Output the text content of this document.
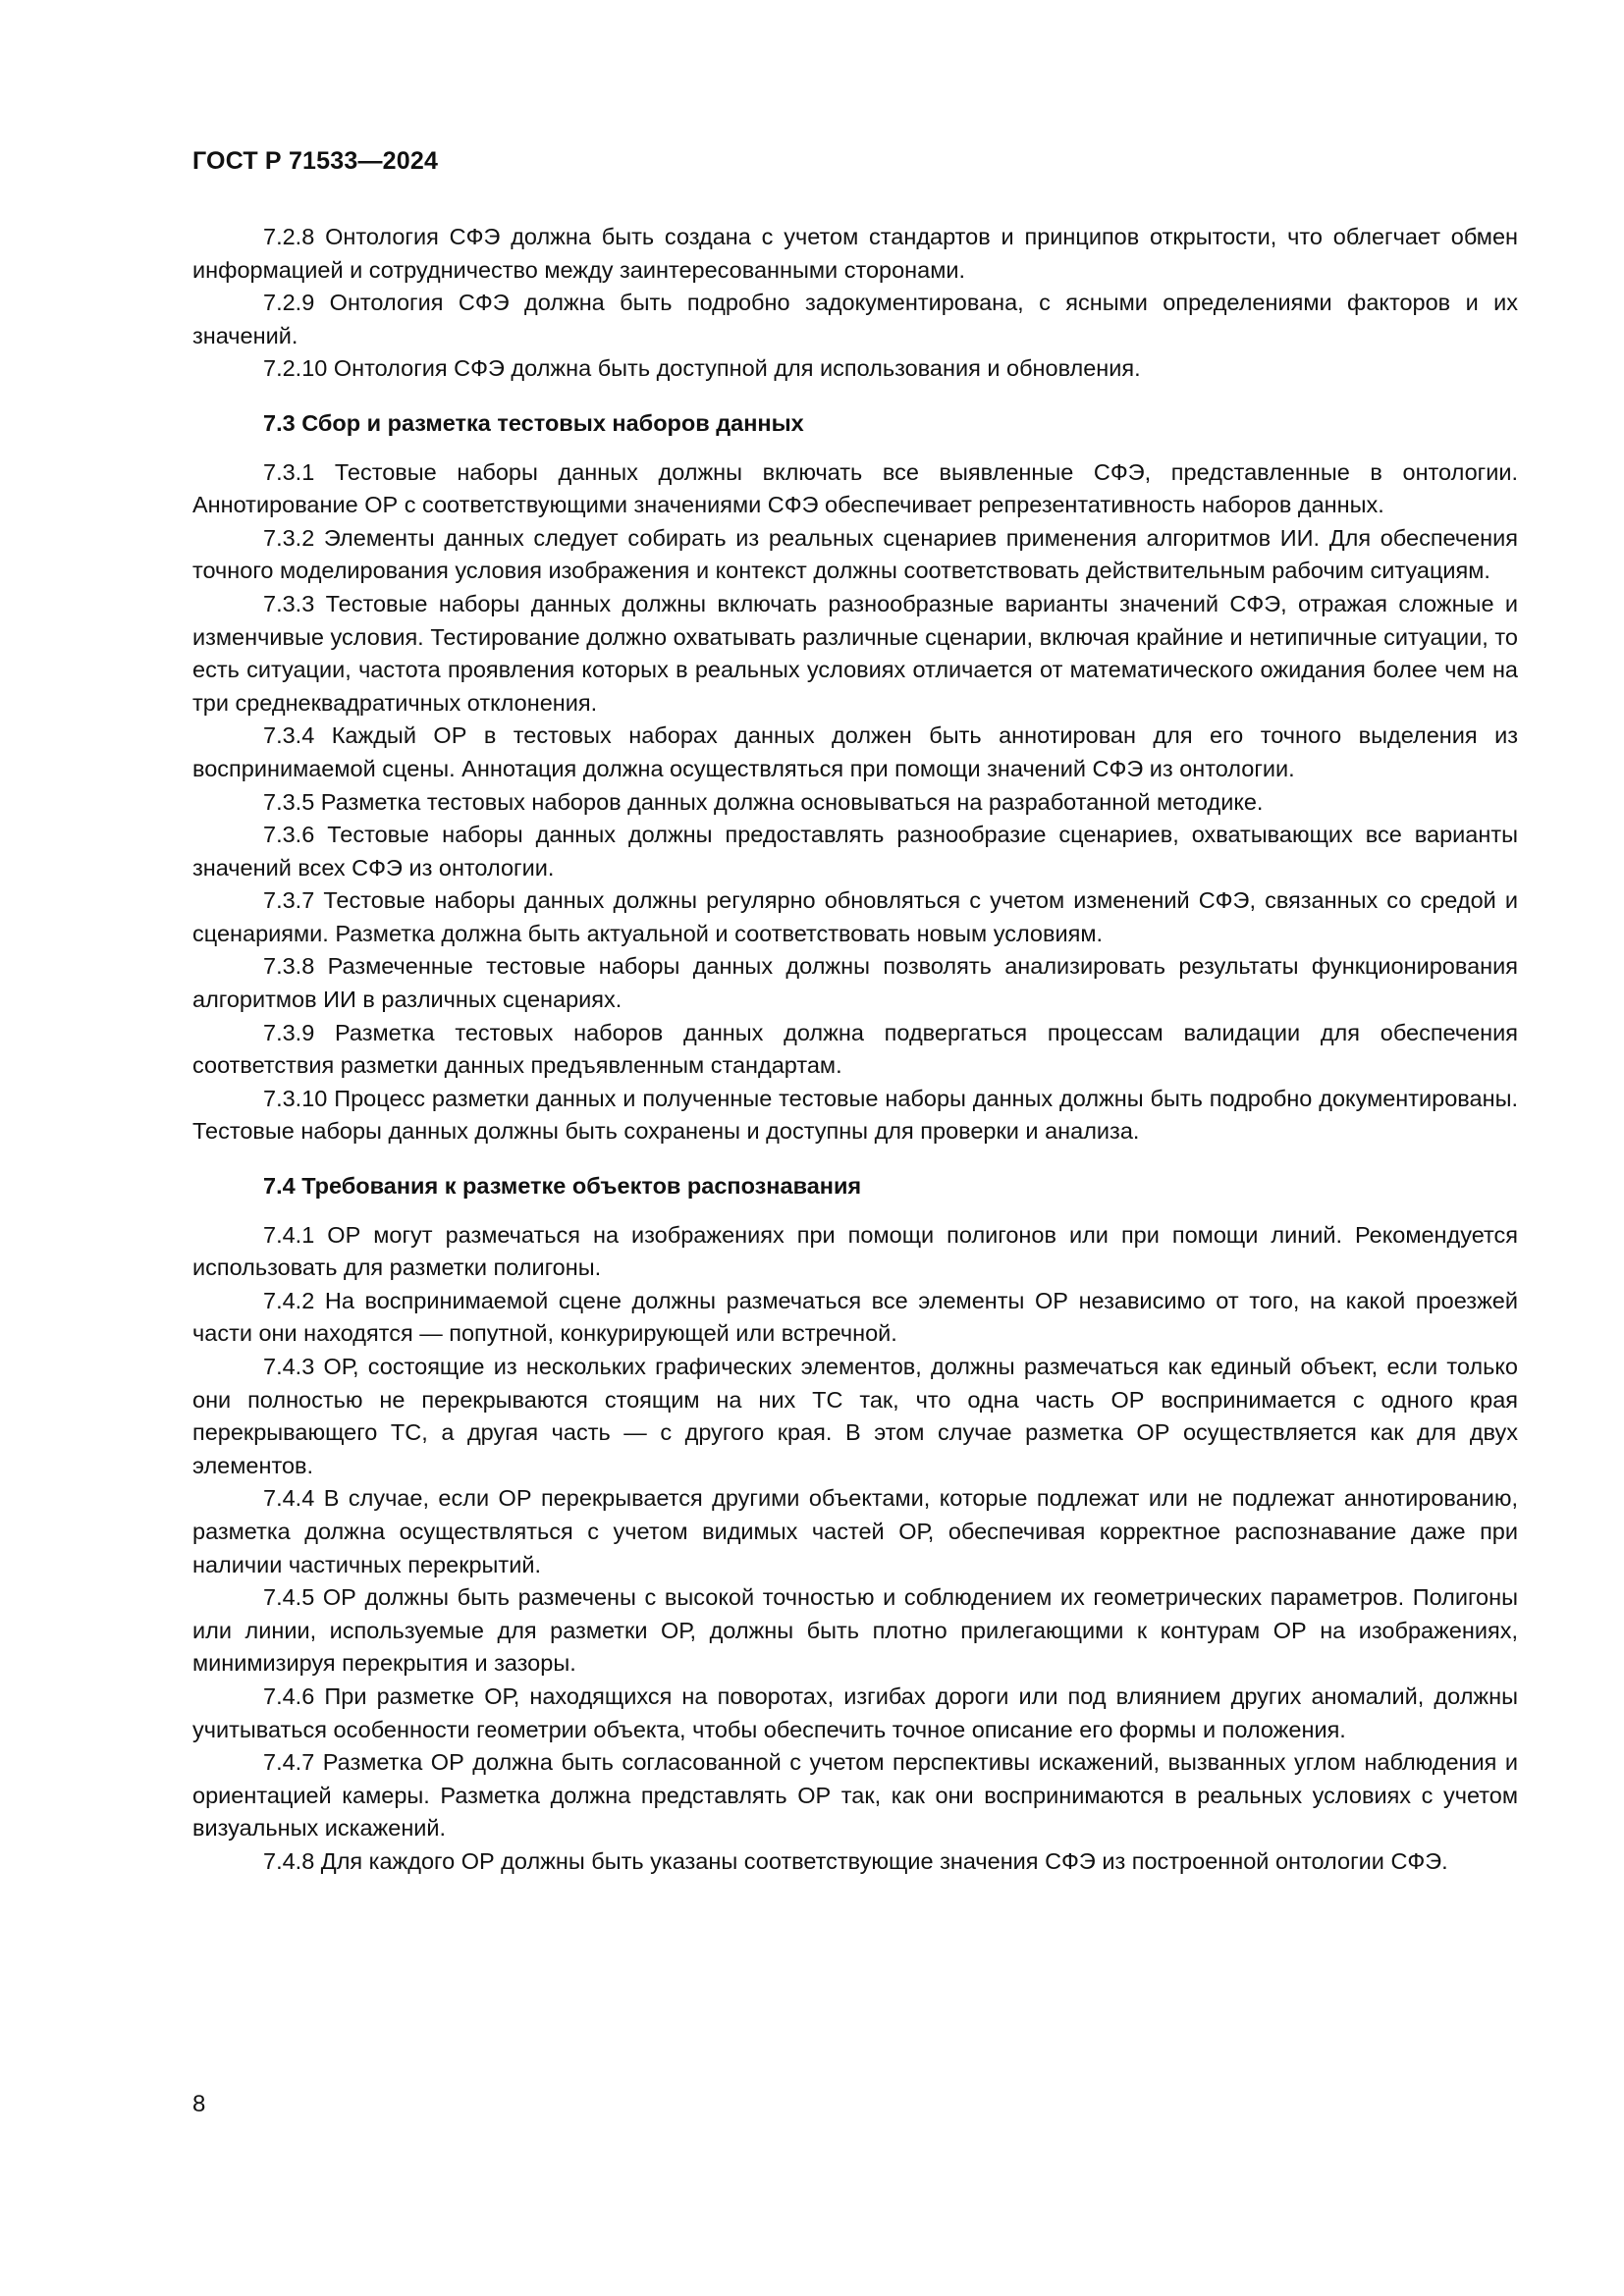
ГОСТ Р 71533—2024

7.2.8 Онтология СФЭ должна быть создана с учетом стандартов и принципов открытости, что облегчает обмен информацией и сотрудничество между заинтересованными сторонами.

7.2.9 Онтология СФЭ должна быть подробно задокументирована, с ясными определениями факторов и их значений.

7.2.10 Онтология СФЭ должна быть доступной для использования и обновления.

7.3 Сбор и разметка тестовых наборов данных

7.3.1 Тестовые наборы данных должны включать все выявленные СФЭ, представленные в онтологии. Аннотирование ОР с соответствующими значениями СФЭ обеспечивает репрезентативность наборов данных.

7.3.2 Элементы данных следует собирать из реальных сценариев применения алгоритмов ИИ. Для обеспечения точного моделирования условия изображения и контекст должны соответствовать действительным рабочим ситуациям.

7.3.3 Тестовые наборы данных должны включать разнообразные варианты значений СФЭ, отражая сложные и изменчивые условия. Тестирование должно охватывать различные сценарии, включая крайние и нетипичные ситуации, то есть ситуации, частота проявления которых в реальных условиях отличается от математического ожидания более чем на три среднеквадратичных отклонения.

7.3.4 Каждый ОР в тестовых наборах данных должен быть аннотирован для его точного выделения из воспринимаемой сцены. Аннотация должна осуществляться при помощи значений СФЭ из онтологии.

7.3.5 Разметка тестовых наборов данных должна основываться на разработанной методике.

7.3.6 Тестовые наборы данных должны предоставлять разнообразие сценариев, охватывающих все варианты значений всех СФЭ из онтологии.

7.3.7 Тестовые наборы данных должны регулярно обновляться с учетом изменений СФЭ, связанных со средой и сценариями. Разметка должна быть актуальной и соответствовать новым условиям.

7.3.8 Размеченные тестовые наборы данных должны позволять анализировать результаты функционирования алгоритмов ИИ в различных сценариях.

7.3.9 Разметка тестовых наборов данных должна подвергаться процессам валидации для обеспечения соответствия разметки данных предъявленным стандартам.

7.3.10 Процесс разметки данных и полученные тестовые наборы данных должны быть подробно документированы. Тестовые наборы данных должны быть сохранены и доступны для проверки и анализа.

7.4 Требования к разметке объектов распознавания

7.4.1 ОР могут размечаться на изображениях при помощи полигонов или при помощи линий. Рекомендуется использовать для разметки полигоны.

7.4.2 На воспринимаемой сцене должны размечаться все элементы ОР независимо от того, на какой проезжей части они находятся — попутной, конкурирующей или встречной.

7.4.3 ОР, состоящие из нескольких графических элементов, должны размечаться как единый объект, если только они полностью не перекрываются стоящим на них ТС так, что одна часть ОР воспринимается с одного края перекрывающего ТС, а другая часть — с другого края. В этом случае разметка ОР осуществляется как для двух элементов.

7.4.4 В случае, если ОР перекрывается другими объектами, которые подлежат или не подлежат аннотированию, разметка должна осуществляться с учетом видимых частей ОР, обеспечивая корректное распознавание даже при наличии частичных перекрытий.

7.4.5 ОР должны быть размечены с высокой точностью и соблюдением их геометрических параметров. Полигоны или линии, используемые для разметки ОР, должны быть плотно прилегающими к контурам ОР на изображениях, минимизируя перекрытия и зазоры.

7.4.6 При разметке ОР, находящихся на поворотах, изгибах дороги или под влиянием других аномалий, должны учитываться особенности геометрии объекта, чтобы обеспечить точное описание его формы и положения.

7.4.7 Разметка ОР должна быть согласованной с учетом перспективы искажений, вызванных углом наблюдения и ориентацией камеры. Разметка должна представлять ОР так, как они воспринимаются в реальных условиях с учетом визуальных искажений.

7.4.8 Для каждого ОР должны быть указаны соответствующие значения СФЭ из построенной онтологии СФЭ.

8
